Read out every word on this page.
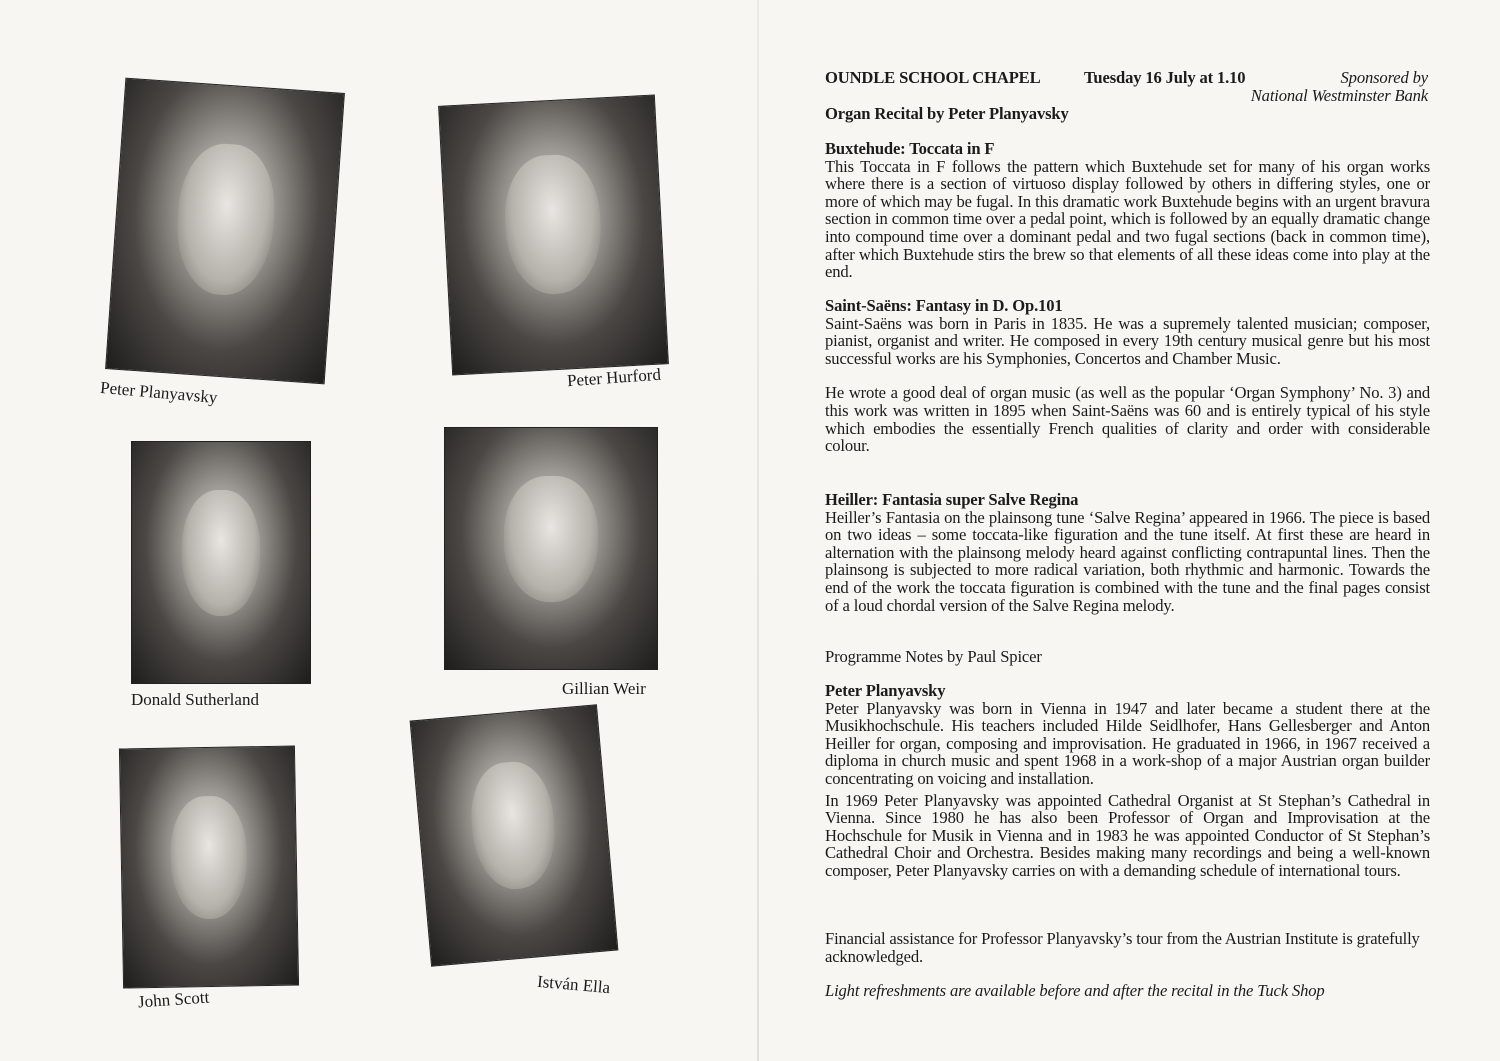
Peter Planyavsky
Peter Hurford
Donald Sutherland
Gillian Weir
John Scott
István Ella
OUNDLE SCHOOL CHAPEL	Tuesday 16 July at 1.10	Sponsored by
National Westminster Bank
Organ Recital by Peter Planyavsky
Buxtehude: Toccata in F
This Toccata in F follows the pattern which Buxtehude set for many of his organ works where there is a section of virtuoso display followed by others in differing styles, one or more of which may be fugal. In this dramatic work Buxtehude begins with an urgent bravura section in common time over a pedal point, which is followed by an equally dramatic change into compound time over a dominant pedal and two fugal sections (back in common time), after which Buxtehude stirs the brew so that elements of all these ideas come into play at the end.
Saint-Saëns: Fantasy in D. Op.101
Saint-Saëns was born in Paris in 1835. He was a supremely talented musician; composer, pianist, organist and writer. He composed in every 19th century musical genre but his most successful works are his Symphonies, Concertos and Chamber Music.
He wrote a good deal of organ music (as well as the popular ‘Organ Symphony’ No. 3) and this work was written in 1895 when Saint-Saëns was 60 and is entirely typical of his style which embodies the essentially French qualities of clarity and order with considerable colour.
Heiller: Fantasia super Salve Regina
Heiller’s Fantasia on the plainsong tune ‘Salve Regina’ appeared in 1966. The piece is based on two ideas – some toccata-like figuration and the tune itself. At first these are heard in alternation with the plainsong melody heard against conflicting contrapuntal lines. Then the plainsong is subjected to more radical variation, both rhythmic and harmonic. Towards the end of the work the toccata figuration is combined with the tune and the final pages consist of a loud chordal version of the Salve Regina melody.
Programme Notes by Paul Spicer
Peter Planyavsky
Peter Planyavsky was born in Vienna in 1947 and later became a student there at the Musikhochschule. His teachers included Hilde Seidlhofer, Hans Gellesberger and Anton Heiller for organ, composing and improvisation. He graduated in 1966, in 1967 received a diploma in church music and spent 1968 in a work-shop of a major Austrian organ builder concentrating on voicing and installation.
In 1969 Peter Planyavsky was appointed Cathedral Organist at St Stephan’s Cathedral in Vienna. Since 1980 he has also been Professor of Organ and Improvisation at the Hochschule for Musik in Vienna and in 1983 he was appointed Conductor of St Stephan’s Cathedral Choir and Orchestra. Besides making many recordings and being a well-known composer, Peter Planyavsky carries on with a demanding schedule of international tours.
Financial assistance for Professor Planyavsky’s tour from the Austrian Institute is gratefully acknowledged.
Light refreshments are available before and after the recital in the Tuck Shop
